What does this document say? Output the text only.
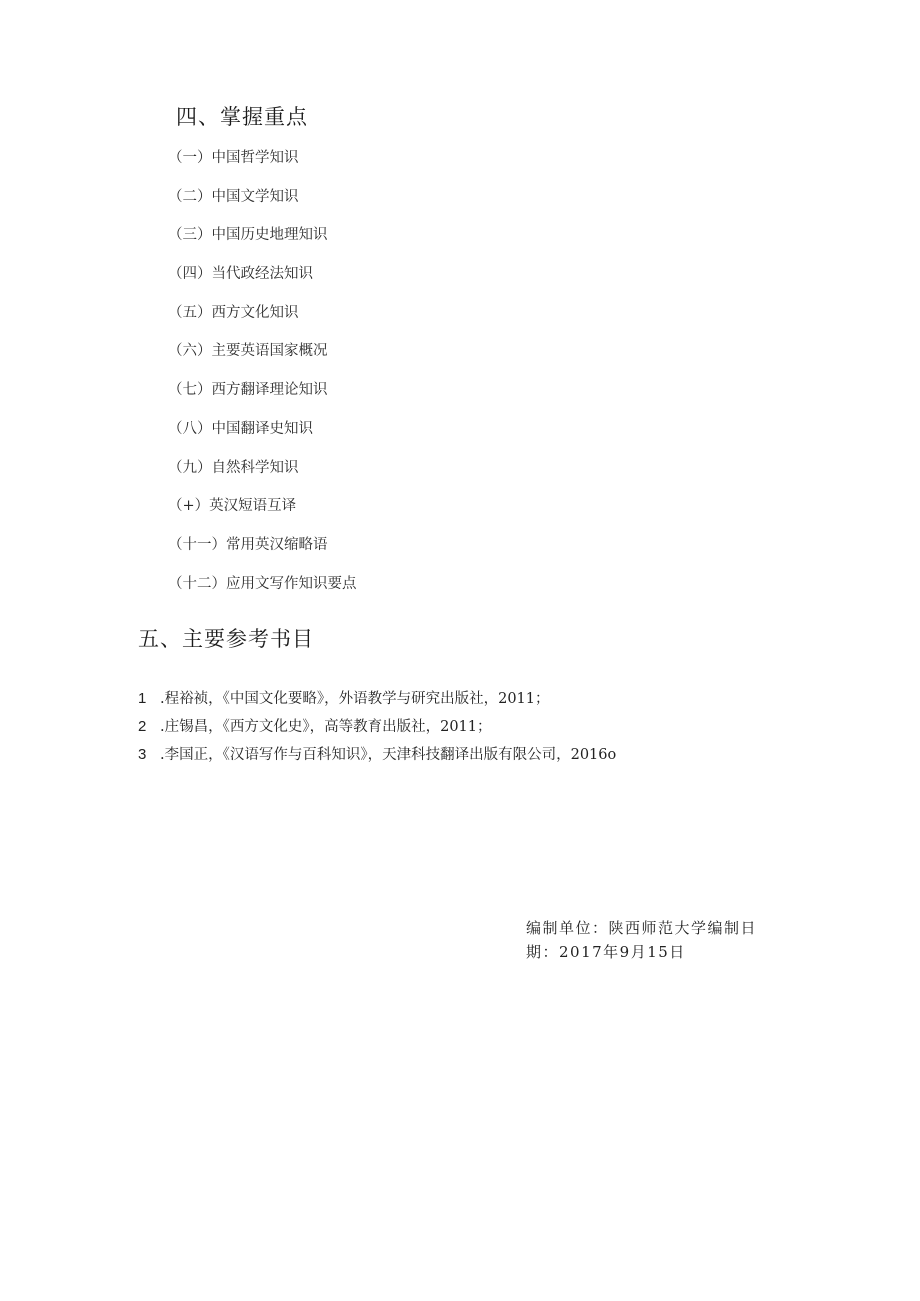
四、掌握重点
（一）中国哲学知识
（二）中国文学知识
（三）中国历史地理知识
（四）当代政经法知识
（五）西方文化知识
（六）主要英语国家概况
（七）西方翻译理论知识
（八）中国翻译史知识
（九）自然科学知识
（+）英汉短语互译
（十一）常用英汉缩略语
（十二）应用文写作知识要点
五、主要参考书目
1 .程裕祯，《中国文化要略》，外语教学与研究出版社，2011；
2 .庄锡昌，《西方文化史》，高等教育出版社，2011；
3 .李国正，《汉语写作与百科知识》，天津科技翻译出版有限公司，2016o
编制单位：陕西师范大学编制日
期：2017年9月15日
